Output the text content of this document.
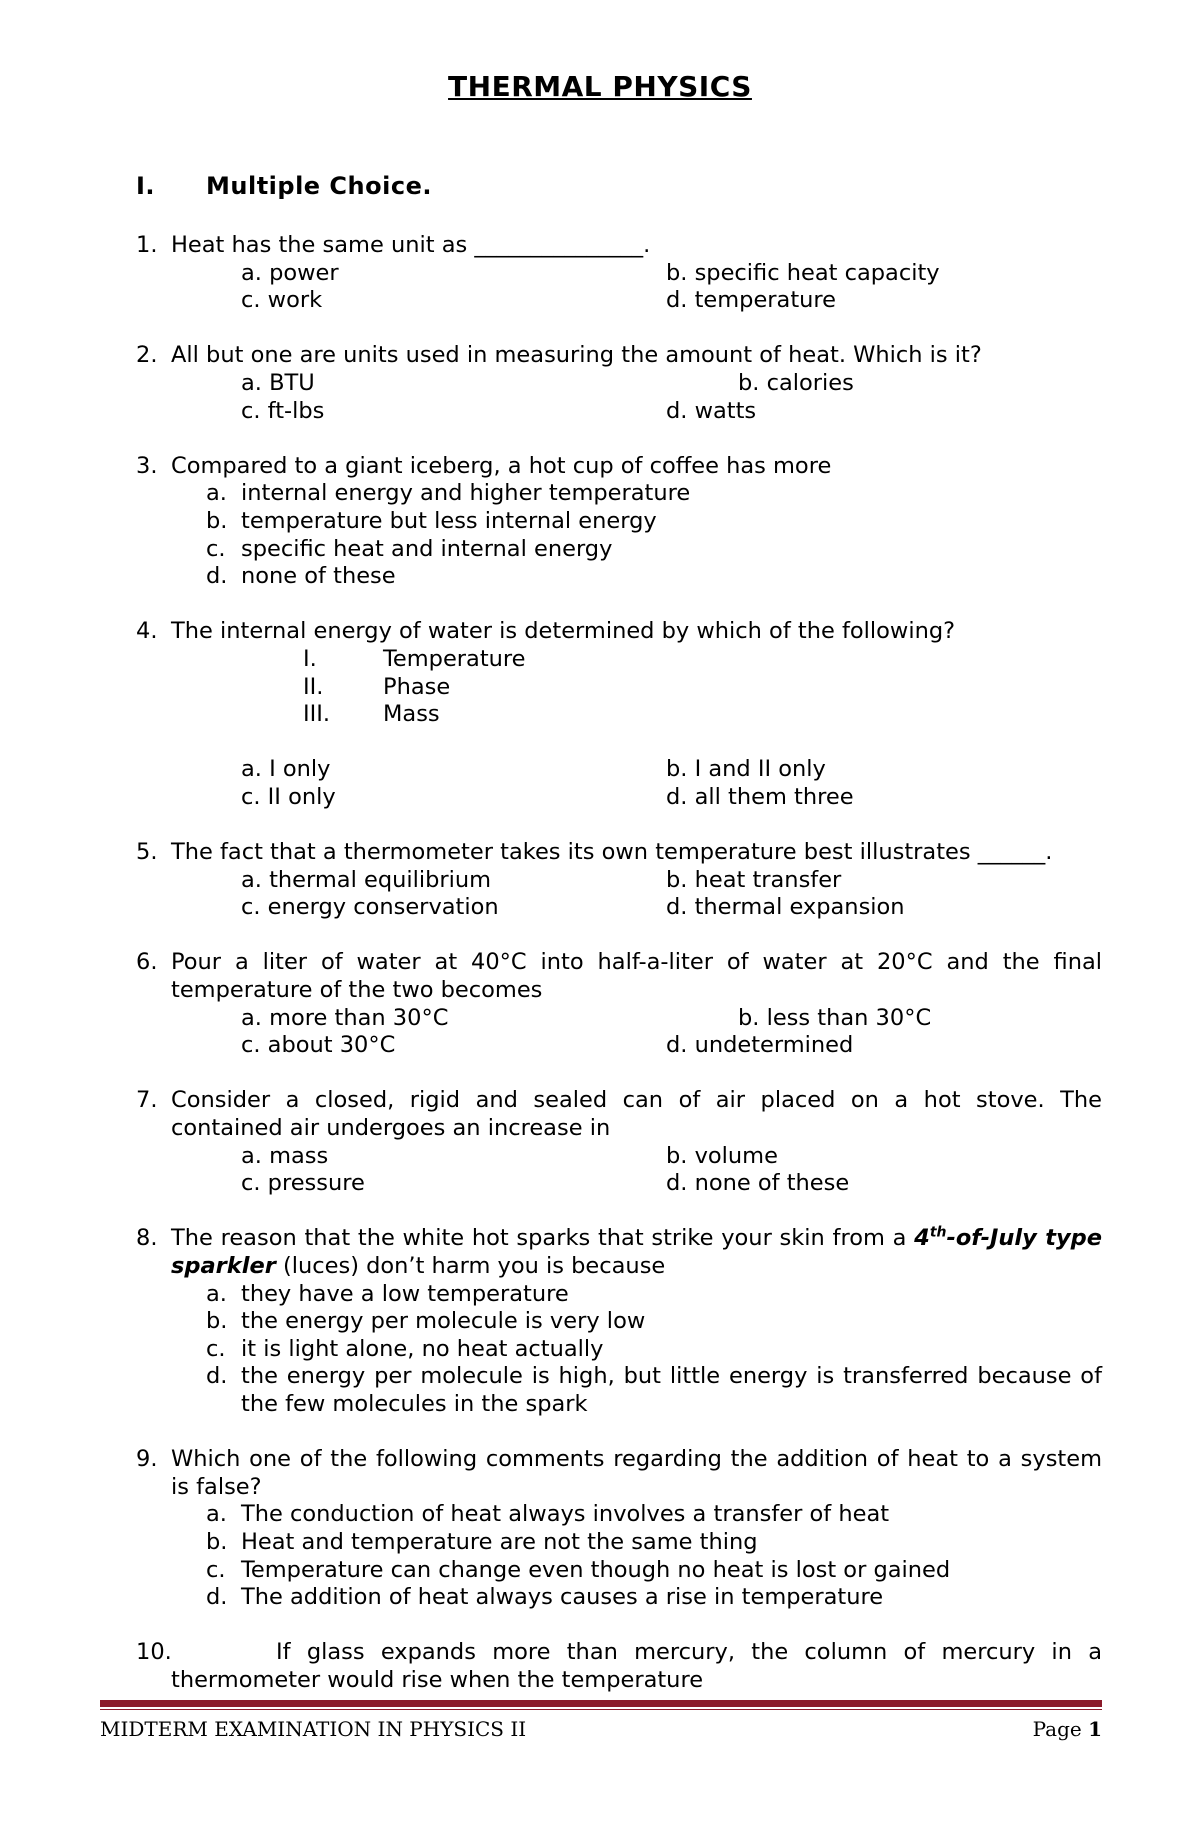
THERMAL PHYSICS
I. Multiple Choice.
1. Heat has the same unit as _______________.
a. power	b. specific heat capacity
c. work	d. temperature
2. All but one are units used in measuring the amount of heat. Which is it?
a. BTU	b. calories
c. ft-lbs	d. watts
3. Compared to a giant iceberg, a hot cup of coffee has more
a. internal energy and higher temperature
b. temperature but less internal energy
c. specific heat and internal energy
d. none of these
4. The internal energy of water is determined by which of the following?
I.	Temperature
II.	Phase
III.	Mass
a. I only	b. I and II only
c. II only	d. all them three
5. The fact that a thermometer takes its own temperature best illustrates ______.
a. thermal equilibrium	b. heat transfer
c. energy conservation	d. thermal expansion
6. Pour a liter of water at 40°C into half-a-liter of water at 20°C and the final temperature of the two becomes
a. more than 30°C	b. less than 30°C
c. about 30°C	d. undetermined
7. Consider a closed, rigid and sealed can of air placed on a hot stove. The contained air undergoes an increase in
a. mass	b. volume
c. pressure	d. none of these
8. The reason that the white hot sparks that strike your skin from a 4th-of-July type sparkler (luces) don’t harm you is because
a. they have a low temperature
b. the energy per molecule is very low
c. it is light alone, no heat actually
d. the energy per molecule is high, but little energy is transferred because of the few molecules in the spark
9. Which one of the following comments regarding the addition of heat to a system is false?
a. The conduction of heat always involves a transfer of heat
b. Heat and temperature are not the same thing
c. Temperature can change even though no heat is lost or gained
d. The addition of heat always causes a rise in temperature
10.	If glass expands more than mercury, the column of mercury in a thermometer would rise when the temperature
MIDTERM EXAMINATION IN PHYSICS II	Page 1
